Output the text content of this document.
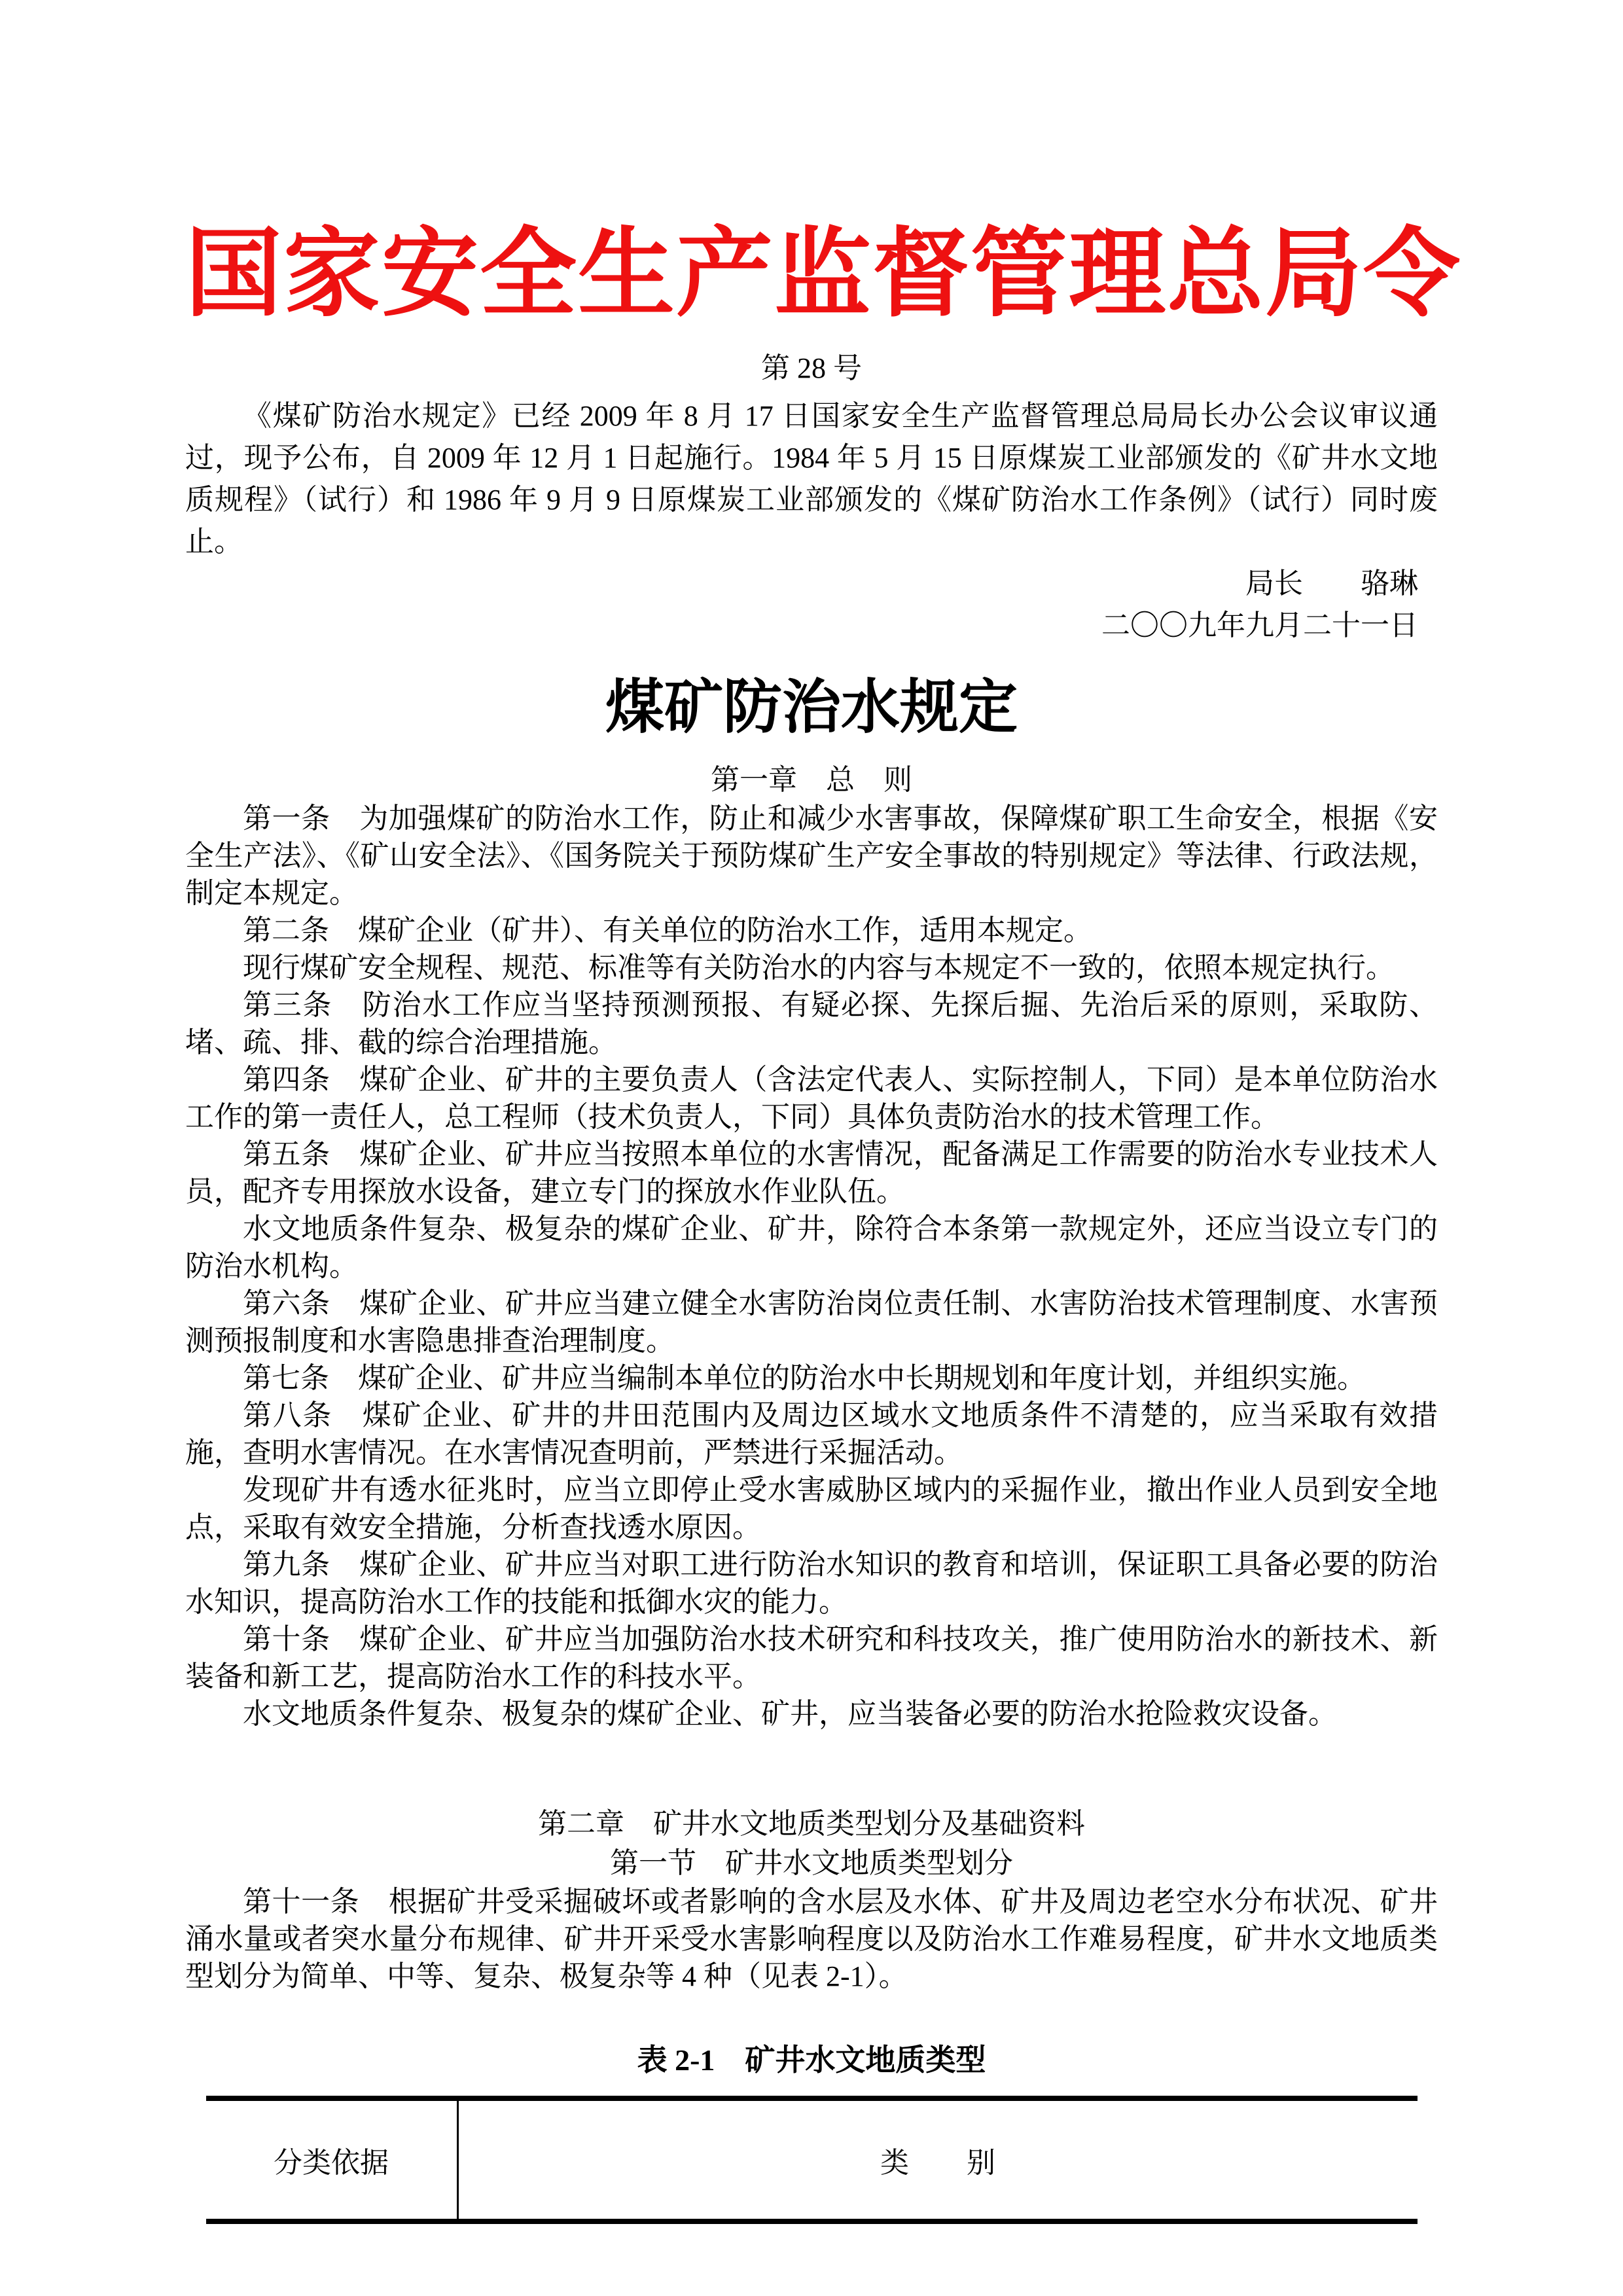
国家安全生产监督管理总局令
第 28 号

《煤矿防治水规定》已经 2009 年 8 月 17 日国家安全生产监督管理总局局长办公会议审议通过，现予公布，自 2009 年 12 月 1 日起施行。1984 年 5 月 15 日原煤炭工业部颁发的《矿井水文地质规程》（试行）和 1986 年 9 月 9 日原煤炭工业部颁发的《煤矿防治水工作条例》（试行）同时废止。

局长　　骆琳
二〇〇九年九月二十一日
煤矿防治水规定
第一章　总　则

第一条　为加强煤矿的防治水工作，防止和减少水害事故，保障煤矿职工生命安全，根据《安全生产法》、《矿山安全法》、《国务院关于预防煤矿生产安全事故的特别规定》等法律、行政法规，制定本规定。

第二条　煤矿企业（矿井）、有关单位的防治水工作，适用本规定。

现行煤矿安全规程、规范、标准等有关防治水的内容与本规定不一致的，依照本规定执行。

第三条　防治水工作应当坚持预测预报、有疑必探、先探后掘、先治后采的原则，采取防、堵、疏、排、截的综合治理措施。

第四条　煤矿企业、矿井的主要负责人（含法定代表人、实际控制人，下同）是本单位防治水工作的第一责任人，总工程师（技术负责人，下同）具体负责防治水的技术管理工作。

第五条　煤矿企业、矿井应当按照本单位的水害情况，配备满足工作需要的防治水专业技术人员，配齐专用探放水设备，建立专门的探放水作业队伍。

水文地质条件复杂、极复杂的煤矿企业、矿井，除符合本条第一款规定外，还应当设立专门的防治水机构。

第六条　煤矿企业、矿井应当建立健全水害防治岗位责任制、水害防治技术管理制度、水害预测预报制度和水害隐患排查治理制度。

第七条　煤矿企业、矿井应当编制本单位的防治水中长期规划和年度计划，并组织实施。

第八条　煤矿企业、矿井的井田范围内及周边区域水文地质条件不清楚的，应当采取有效措施，查明水害情况。在水害情况查明前，严禁进行采掘活动。

发现矿井有透水征兆时，应当立即停止受水害威胁区域内的采掘作业，撤出作业人员到安全地点，采取有效安全措施，分析查找透水原因。

第九条　煤矿企业、矿井应当对职工进行防治水知识的教育和培训，保证职工具备必要的防治水知识，提高防治水工作的技能和抵御水灾的能力。

第十条　煤矿企业、矿井应当加强防治水技术研究和科技攻关，推广使用防治水的新技术、新装备和新工艺，提高防治水工作的科技水平。

水文地质条件复杂、极复杂的煤矿企业、矿井，应当装备必要的防治水抢险救灾设备。

第二章　矿井水文地质类型划分及基础资料
第一节　矿井水文地质类型划分

第十一条　根据矿井受采掘破坏或者影响的含水层及水体、矿井及周边老空水分布状况、矿井涌水量或者突水量分布规律、矿井开采受水害影响程度以及防治水工作难易程度，矿井水文地质类型划分为简单、中等、复杂、极复杂等 4 种（见表 2-1）。

表 2-1　矿井水文地质类型
分类依据	类　　别
